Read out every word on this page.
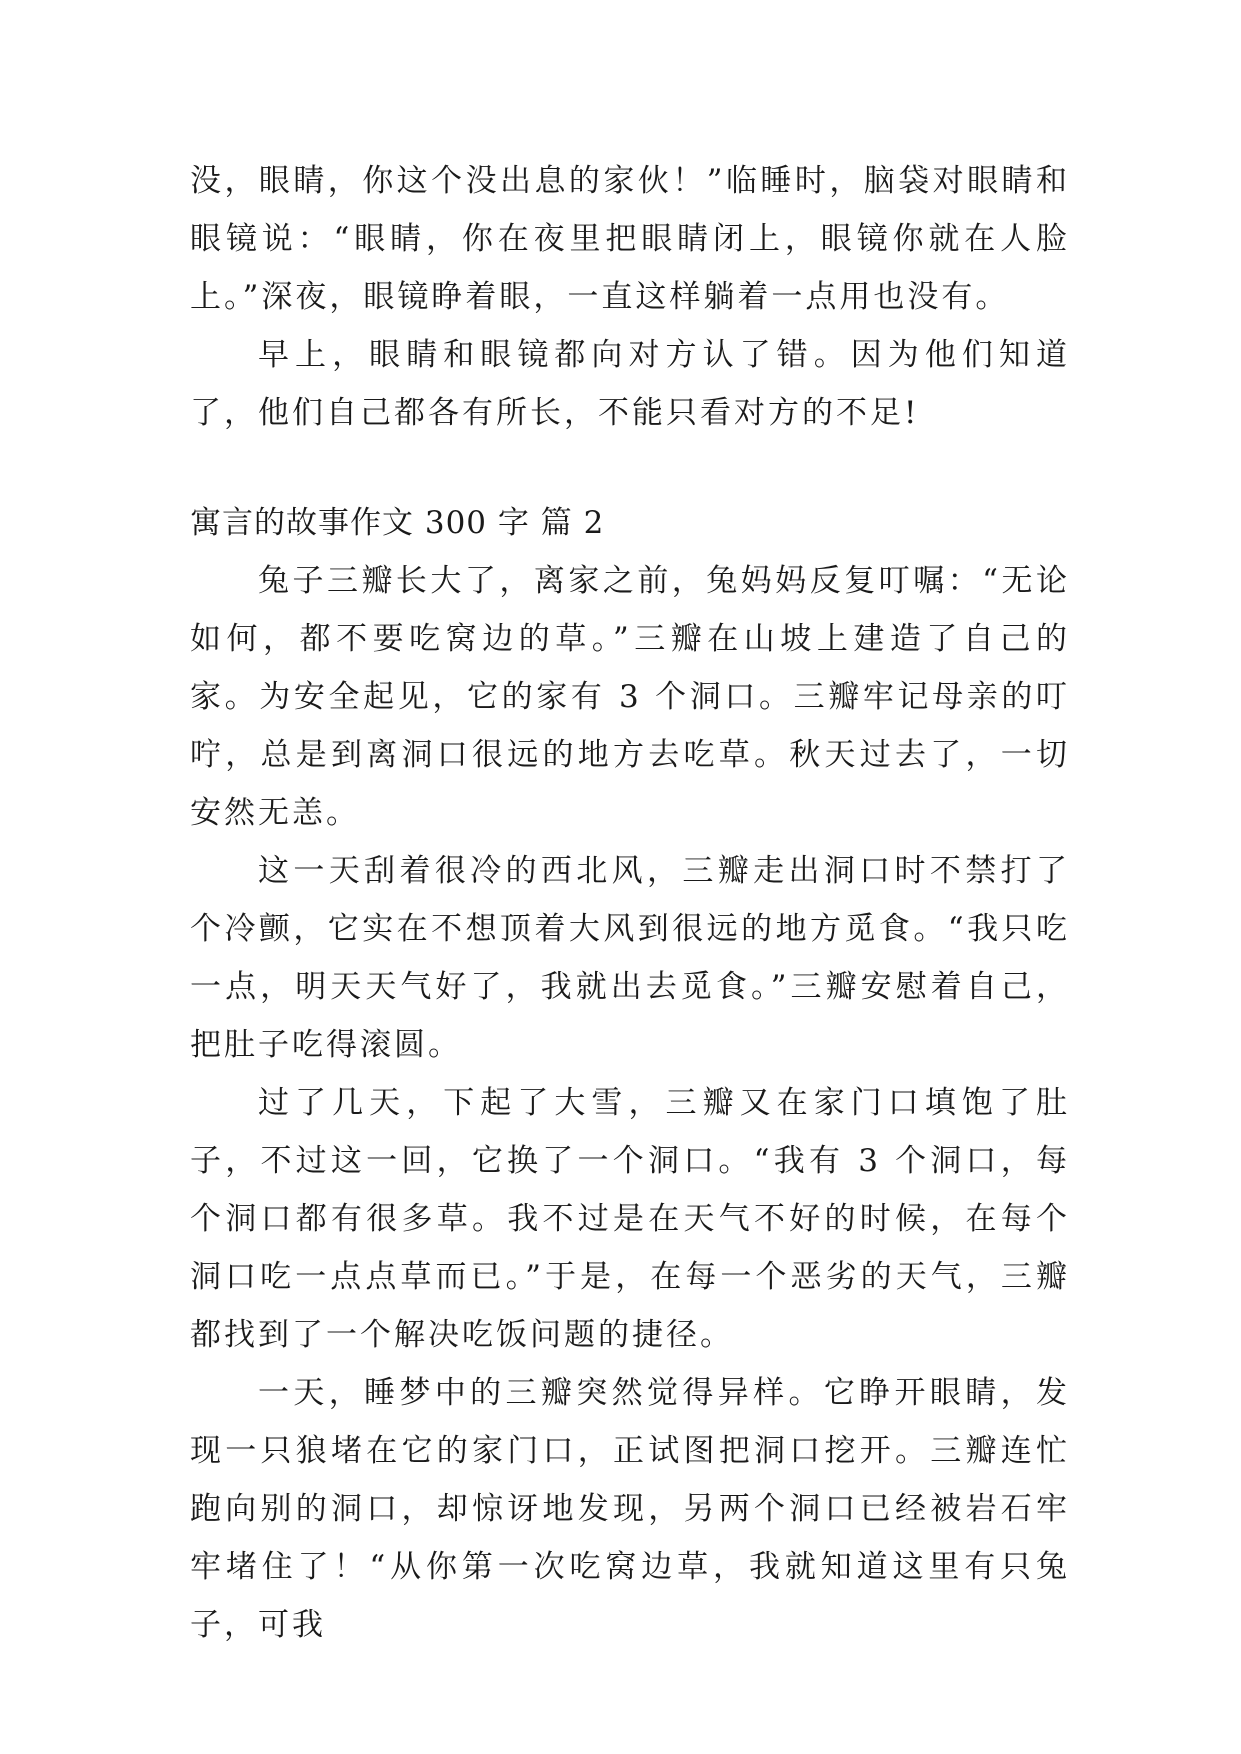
没，眼睛，你这个没出息的家伙！”临睡时，脑袋对眼睛和眼镜说：“眼睛，你在夜里把眼睛闭上，眼镜你就在人脸上。”深夜，眼镜睁着眼，一直这样躺着一点用也没有。

早上，眼睛和眼镜都向对方认了错。因为他们知道了，他们自己都各有所长，不能只看对方的不足!

寓言的故事作文 300 字 篇 2

兔子三瓣长大了，离家之前，兔妈妈反复叮嘱：“无论如何，都不要吃窝边的草。”三瓣在山坡上建造了自己的家。为安全起见，它的家有 3 个洞口。三瓣牢记母亲的叮咛，总是到离洞口很远的地方去吃草。秋天过去了，一切安然无恙。

这一天刮着很冷的西北风，三瓣走出洞口时不禁打了个冷颤，它实在不想顶着大风到很远的地方觅食。“我只吃一点，明天天气好了，我就出去觅食。”三瓣安慰着自己，把肚子吃得滚圆。

过了几天，下起了大雪，三瓣又在家门口填饱了肚子，不过这一回，它换了一个洞口。“我有 3 个洞口，每个洞口都有很多草。我不过是在天气不好的时候，在每个洞口吃一点点草而已。”于是，在每一个恶劣的天气，三瓣都找到了一个解决吃饭问题的捷径。

一天，睡梦中的三瓣突然觉得异样。它睁开眼睛，发现一只狼堵在它的家门口，正试图把洞口挖开。三瓣连忙跑向别的洞口，却惊讶地发现，另两个洞口已经被岩石牢牢堵住了！“从你第一次吃窝边草，我就知道这里有只兔子，可我
